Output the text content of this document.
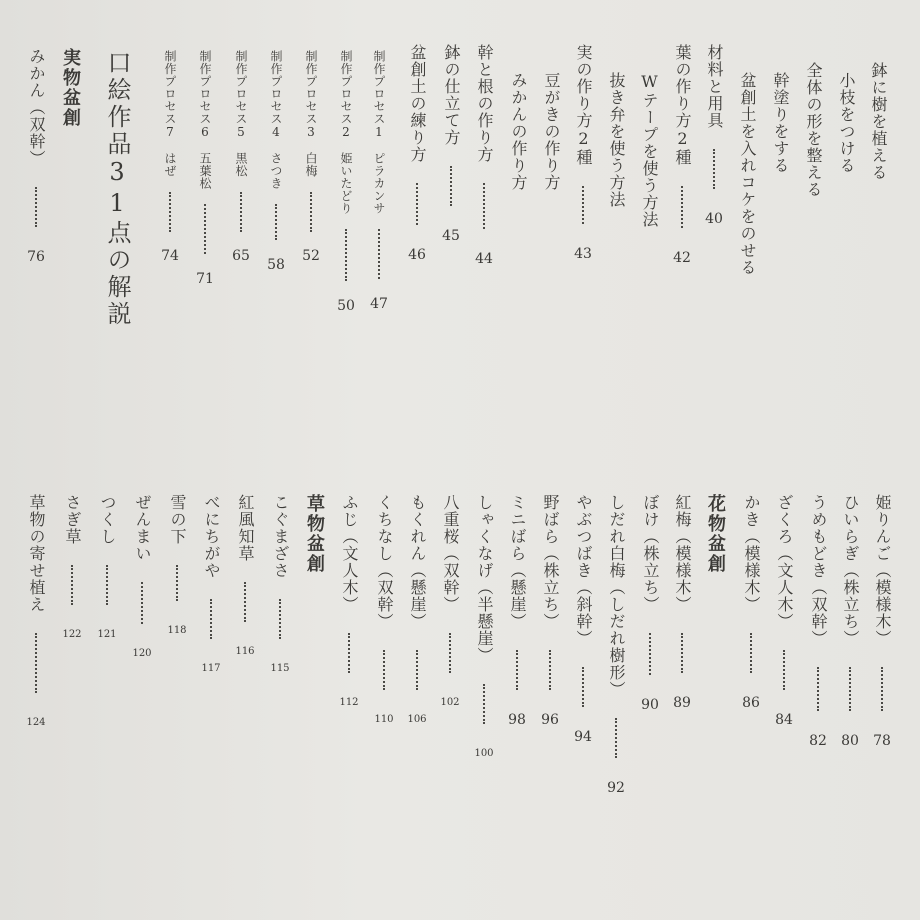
鉢に樹を植える
小枝をつける
全体の形を整える
幹塗りをする
盆創土を入れコケをのせる
材料と用具  40
葉の作り方2種  42
Wテープを使う方法
抜き弁を使う方法
実の作り方2種  43
豆がきの作り方
みかんの作り方
幹と根の作り方  44
鉢の仕立て方  45
盆創土の練り方  46
制作プロセス1　ピラカンサ  47
制作プロセス2　姫いたどり  50
制作プロセス3　白梅  52
制作プロセス4　さつき  58
制作プロセス5　黒松  65
制作プロセス6　五葉松  71
制作プロセス7　はぜ  74
口絵作品31点の解説
実物盆創
みかん（双幹）  76
姫りんご（模様木）  78
ひいらぎ（株立ち）  80
うめもどき（双幹）  82
ざくろ（文人木）  84
かき（模様木）  86
花物盆創
紅梅（模様木）  89
ぼけ（株立ち）  90
しだれ白梅（しだれ樹形）  92
やぶつばき（斜幹）  94
野ばら（株立ち）  96
ミニばら（懸崖）  98
しゃくなげ（半懸崖）  100
八重桜（双幹）  102
もくれん（懸崖）  106
くちなし（双幹）  110
ふじ（文人木）  112
草物盆創
こぐまざさ  115
紅風知草  116
べにちがや  117
雪の下  118
ぜんまい  120
つくし  121
さぎ草  122
草物の寄せ植え  124
